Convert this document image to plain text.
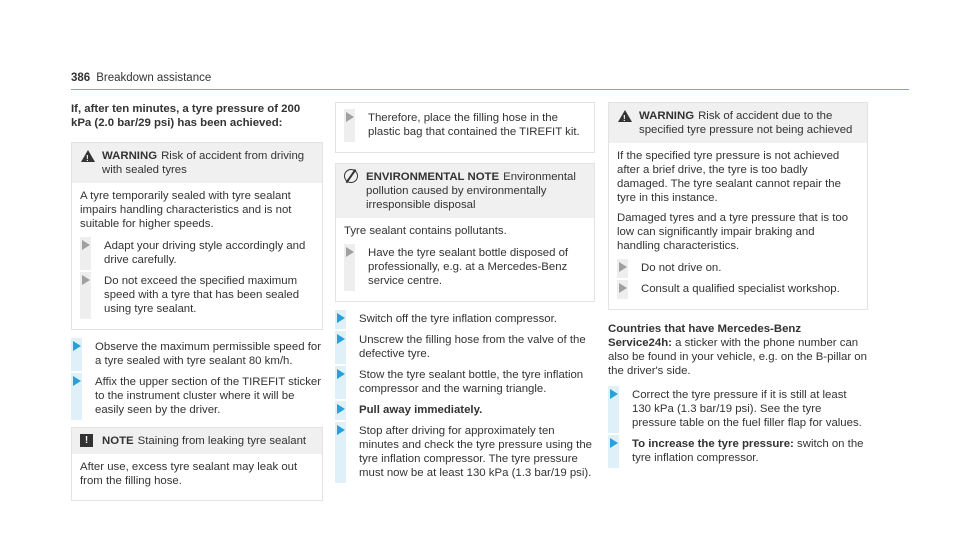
386 Breakdown assistance

If, after ten minutes, a tyre pressure of 200 kPa (2.0 bar/29 psi) has been achieved:

!
WARNING Risk of accident from driving with sealed tyres

A tyre temporarily sealed with tyre sealant impairs handling characteristics and is not suitable for higher speeds.

Adapt your driving style accordingly and drive carefully.
Do not exceed the specified maximum speed with a tyre that has been sealed using tyre sealant.
Observe the maximum permissible speed for a tyre sealed with tyre sealant 80 km/h.
Affix the upper section of the TIREFIT sticker to the instrument cluster where it will be easily seen by the driver.
!	NOTE Staining from leaking tyre sealant

After use, excess tyre sealant may leak out from the filling hose.

Therefore, place the filling hose in the plastic bag that contained the TIREFIT kit.
ENVIRONMENTAL NOTE Environmental pollution caused by environmentally irresponsible disposal

Tyre sealant contains pollutants.

Have the tyre sealant bottle disposed of professionally, e.g. at a Mercedes-Benz service centre.
Switch off the tyre inflation compressor.
Unscrew the filling hose from the valve of the defective tyre.
Stow the tyre sealant bottle, the tyre inflation compressor and the warning triangle.
Pull away immediately.
Stop after driving for approximately ten minutes and check the tyre pressure using the tyre inflation compressor. The tyre pressure must now be at least 130 kPa (1.3 bar/19 psi).
!
WARNING Risk of accident due to the specified tyre pressure not being achieved

If the specified tyre pressure is not achieved after a brief drive, the tyre is too badly damaged. The tyre sealant cannot repair the tyre in this instance.

Damaged tyres and a tyre pressure that is too low can significantly impair braking and handling characteristics.

Do not drive on.
Consult a qualified specialist workshop.

Countries that have Mercedes-Benz Service24h: a sticker with the phone number can also be found in your vehicle, e.g. on the B-pillar on the driver's side.

Correct the tyre pressure if it is still at least 130 kPa (1.3 bar/19 psi). See the tyre pressure table on the fuel filler flap for values.
To increase the tyre pressure: switch on the tyre inflation compressor.
